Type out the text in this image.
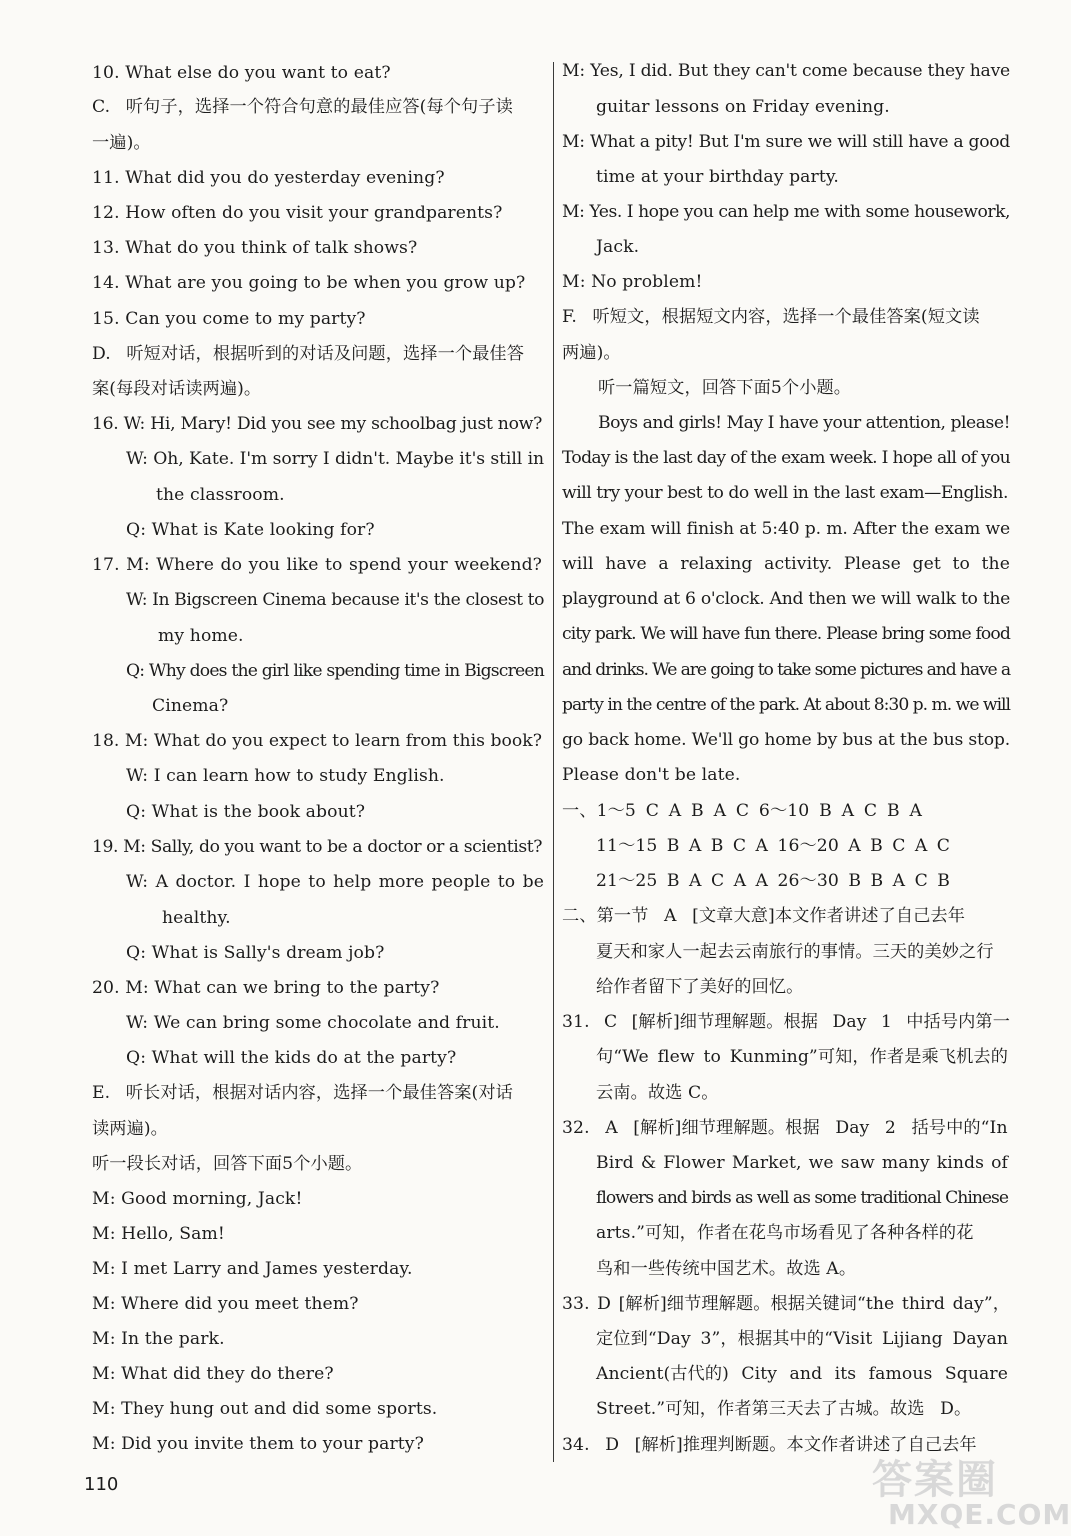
10. What else do you want to eat?
C. 听句子，选择一个符合句意的最佳应答(每个句子读
一遍)。
11. What did you do yesterday evening?
12. How often do you visit your grandparents?
13. What do you think of talk shows?
14. What are you going to be when you grow up?
15. Can you come to my party?
D. 听短对话，根据听到的对话及问题，选择一个最佳答
案(每段对话读两遍)。
16. W: Hi, Mary! Did you see my schoolbag just now?
W: Oh, Kate. I'm sorry I didn't. Maybe it's still in
the classroom.
Q: What is Kate looking for?
17. M: Where do you like to spend your weekend?
W: In Bigscreen Cinema because it's the closest to
my home.
Q: Why does the girl like spending time in Bigscreen
Cinema?
18. M: What do you expect to learn from this book?
W: I can learn how to study English.
Q: What is the book about?
19. M: Sally, do you want to be a doctor or a scientist?
W: A doctor. I hope to help more people to be
healthy.
Q: What is Sally's dream job?
20. M: What can we bring to the party?
W: We can bring some chocolate and fruit.
Q: What will the kids do at the party?
E. 听长对话，根据对话内容，选择一个最佳答案(对话
读两遍)。
听一段长对话，回答下面5个小题。
M: Good morning, Jack!
M: Hello, Sam!
M: I met Larry and James yesterday.
M: Where did you meet them?
M: In the park.
M: What did they do there?
M: They hung out and did some sports.
M: Did you invite them to your party?
M: Yes, I did. But they can't come because they have
guitar lessons on Friday evening.
M: What a pity! But I'm sure we will still have a good
time at your birthday party.
M: Yes. I hope you can help me with some housework,
Jack.
M: No problem!
F. 听短文，根据短文内容，选择一个最佳答案(短文读
两遍)。
听一篇短文，回答下面5个小题。
Boys and girls! May I have your attention, please!
Today is the last day of the exam week. I hope all of you
will try your best to do well in the last exam—English.
The exam will finish at 5:40 p. m. After the exam we
will have a relaxing activity. Please get to the
playground at 6 o'clock. And then we will walk to the
city park. We will have fun there. Please bring some food
and drinks. We are going to take some pictures and have a
party in the centre of the park. At about 8:30 p. m. we will
go back home. We'll go home by bus at the bus stop.
Please don't be late.
一、1～5 C A B A C 6～10 B A C B A
11～15 B A B C A 16～20 A B C A C
21～25 B A C A A 26～30 B B A C B
二、第一节 A [文章大意]本文作者讲述了自己去年
夏天和家人一起去云南旅行的事情。三天的美妙之行
给作者留下了美好的回忆。
31. C [解析]细节理解题。根据 Day 1 中括号内第一
句“We flew to Kunming”可知，作者是乘飞机去的
云南。故选 C。
32. A [解析]细节理解题。根据 Day 2 括号中的“In
Bird & Flower Market, we saw many kinds of
flowers and birds as well as some traditional Chinese
arts.”可知，作者在花鸟市场看见了各种各样的花
鸟和一些传统中国艺术。故选 A。
33. D [解析]细节理解题。根据关键词“the third day”，
定位到“Day 3”，根据其中的“Visit Lijiang Dayan
Ancient(古代的) City and its famous Square
Street.”可知，作者第三天去了古城。故选 D。
34. D [解析]推理判断题。本文作者讲述了自己去年
110	答案圈
MXQE.COM
